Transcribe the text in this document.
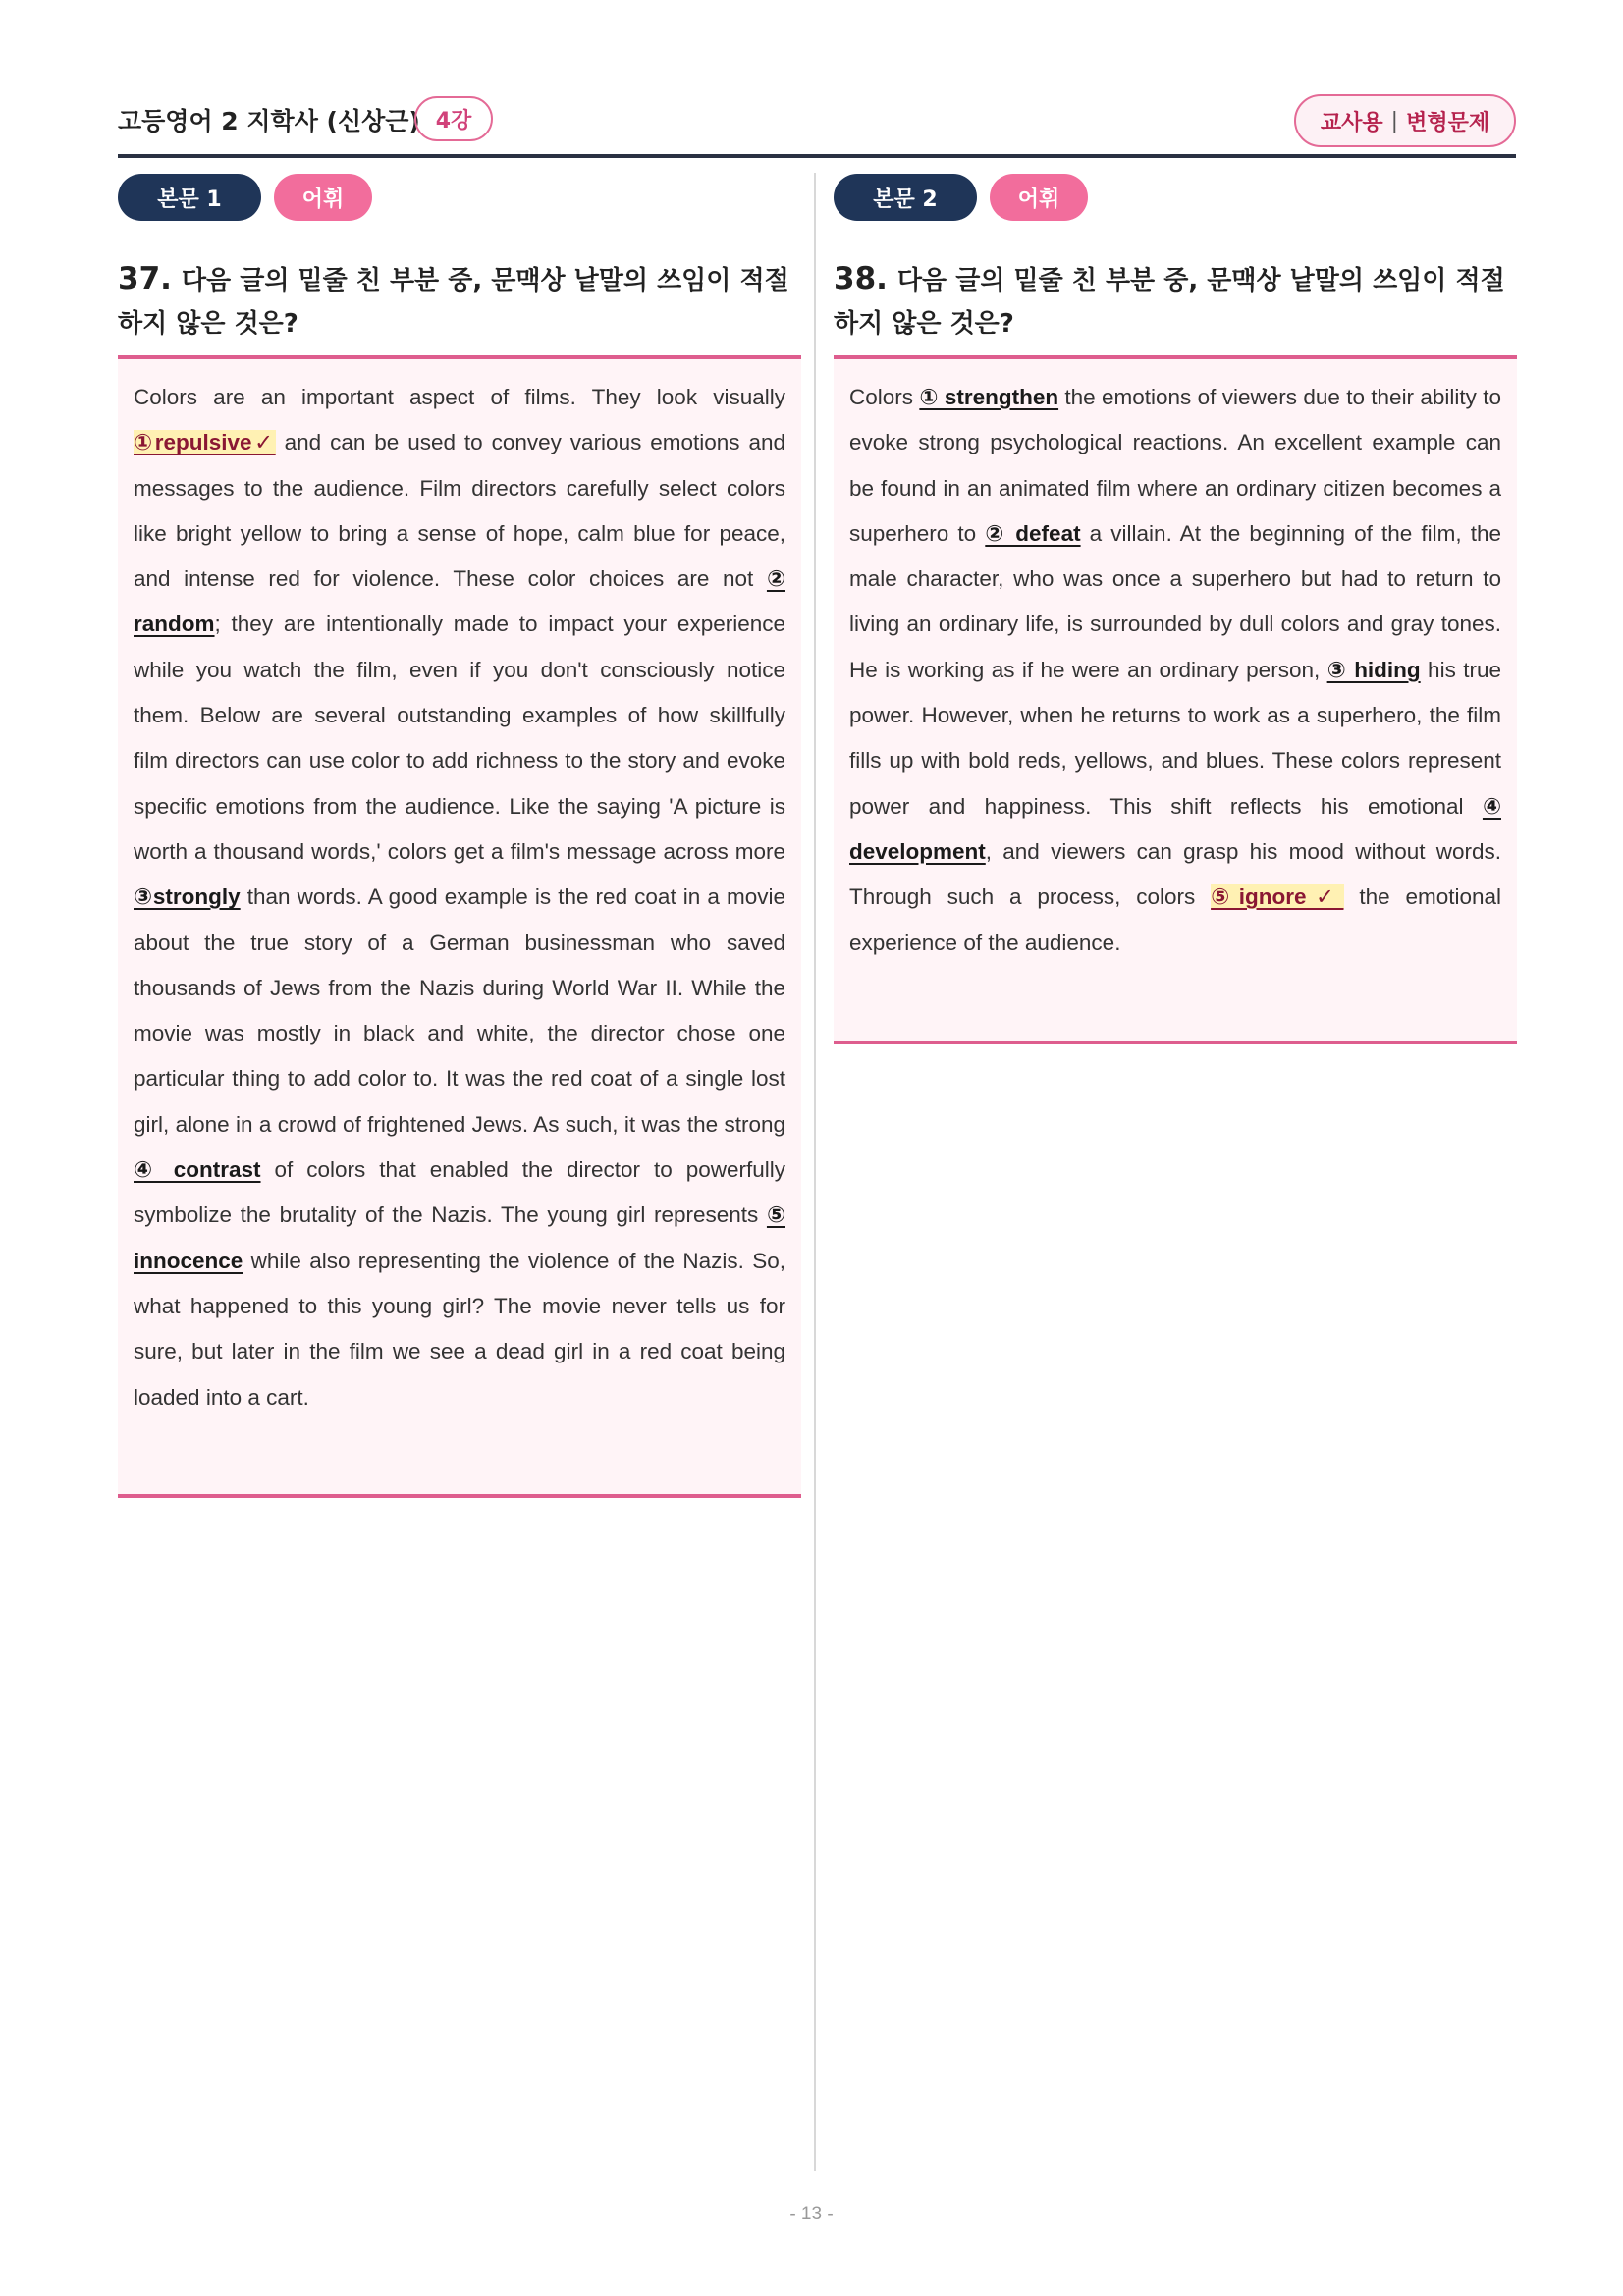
고등영어 2 지학사 (신상근) 4강	교사용 | 변형문제
본문 1	어휘
37. 다음 글의 밑줄 친 부분 중, 문맥상 낱말의 쓰임이 적절하지 않은 것은?

Colors are an important aspect of films. They look visually ①repulsive✓ and can be used to convey various emotions and messages to the audience. Film directors carefully select colors like bright yellow to bring a sense of hope, calm blue for peace, and intense red for violence. These color choices are not ② random; they are intentionally made to impact your experience while you watch the film, even if you don't consciously notice them. Below are several outstanding examples of how skillfully film directors can use color to add richness to the story and evoke specific emotions from the audience. Like the saying 'A picture is worth a thousand words,' colors get a film's message across more ③strongly than words. A good example is the red coat in a movie about the true story of a German businessman who saved thousands of Jews from the Nazis during World War II. While the movie was mostly in black and white, the director chose one particular thing to add color to. It was the red coat of a single lost girl, alone in a crowd of frightened Jews. As such, it was the strong ④ contrast of colors that enabled the director to powerfully symbolize the brutality of the Nazis. The young girl represents ⑤ innocence while also representing the violence of the Nazis. So, what happened to this young girl? The movie never tells us for sure, but later in the film we see a dead girl in a red coat being loaded into a cart.

본문 2	어휘
38. 다음 글의 밑줄 친 부분 중, 문맥상 낱말의 쓰임이 적절하지 않은 것은?

Colors ① strengthen the emotions of viewers due to their ability to evoke strong psychological reactions. An excellent example can be found in an animated film where an ordinary citizen becomes a superhero to ② defeat a villain. At the beginning of the film, the male character, who was once a superhero but had to return to living an ordinary life, is surrounded by dull colors and gray tones. He is working as if he were an ordinary person, ③ hiding his true power. However, when he returns to work as a superhero, the film fills up with bold reds, yellows, and blues. These colors represent power and happiness. This shift reflects his emotional ④ development, and viewers can grasp his mood without words. Through such a process, colors ⑤ignore✓ the emotional experience of the audience.

- 13 -
